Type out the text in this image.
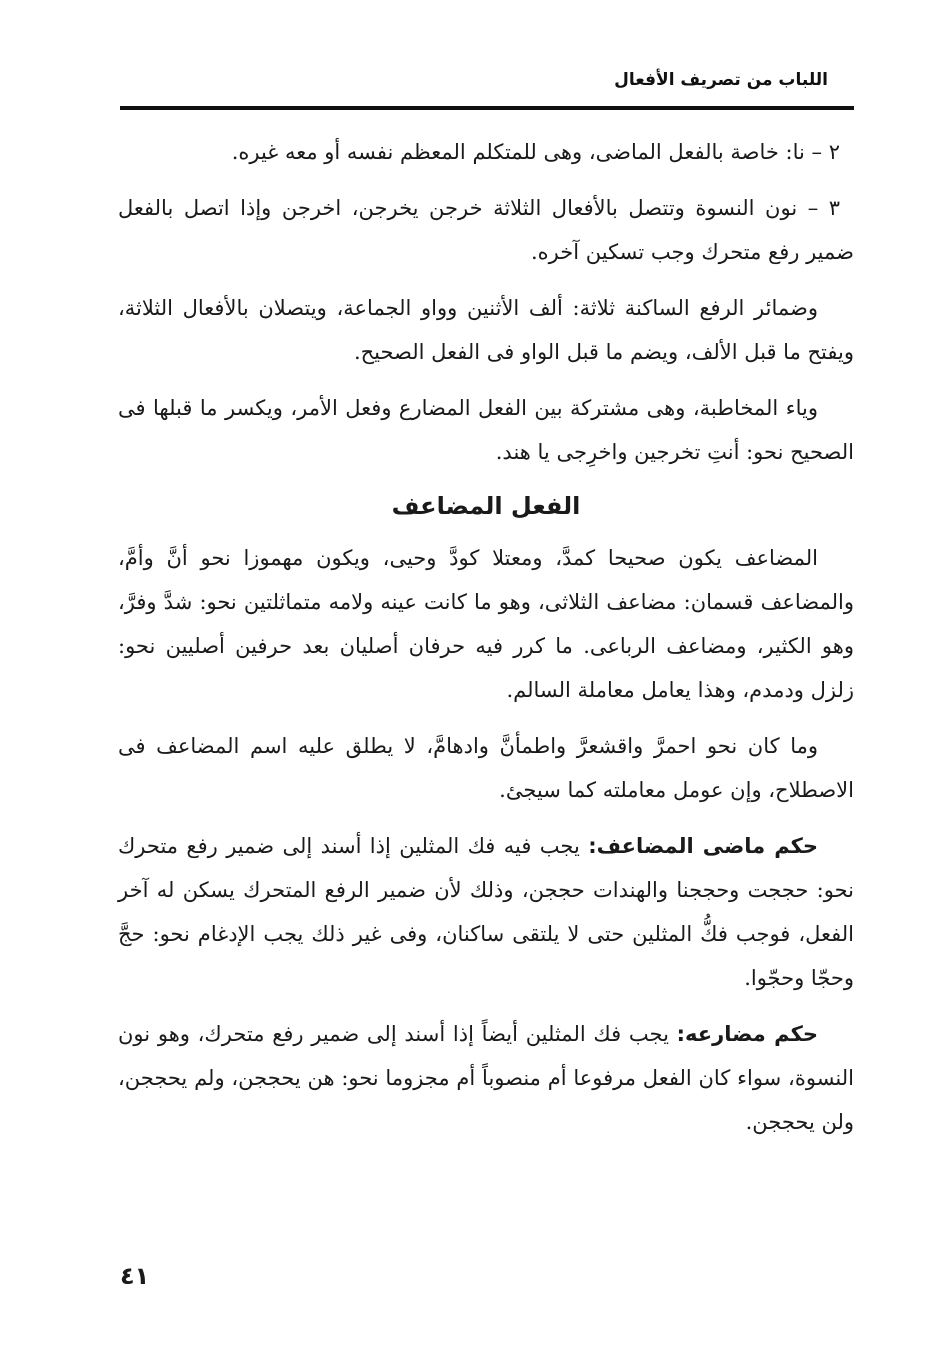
اللباب من تصريف الأفعال

٢ – نا: خاصة بالفعل الماضى، وهى للمتكلم المعظم نفسه أو معه غيره.

٣ – نون النسوة وتتصل بالأفعال الثلاثة خرجن يخرجن، اخرجن وإذا اتصل بالفعل ضمير رفع متحرك وجب تسكين آخره.

وضمائر الرفع الساكنة ثلاثة: ألف الأثنين وواو الجماعة، ويتصلان بالأفعال الثلاثة، ويفتح ما قبل الألف، ويضم ما قبل الواو فى الفعل الصحيح.

وياء المخاطبة، وهى مشتركة بين الفعل المضارع وفعل الأمر، ويكسر ما قبلها فى الصحيح نحو: أنتِ تخرجين واخرِجى يا هند.

الفعل المضاعف

المضاعف يكون صحيحا كمدَّ، ومعتلا كودَّ وحيى، ويكون مهموزا نحو أنَّ وأمَّ، والمضاعف قسمان: مضاعف الثلاثى، وهو ما كانت عينه ولامه متماثلتين نحو: شدَّ وفرَّ، وهو الكثير، ومضاعف الرباعى. ما كرر فيه حرفان أصليان بعد حرفين أصليين نحو: زلزل ودمدم، وهذا يعامل معاملة السالم.

وما كان نحو احمرَّ واقشعرَّ واطمأنَّ وادهامَّ، لا يطلق عليه اسم المضاعف فى الاصطلاح، وإن عومل معاملته كما سيجئ.

حكم ماضى المضاعف: يجب فيه فك المثلين إذا أسند إلى ضمير رفع متحرك نحو: حججت وحججنا والهندات حججن، وذلك لأن ضمير الرفع المتحرك يسكن له آخر الفعل، فوجب فكُّ المثلين حتى لا يلتقى ساكنان، وفى غير ذلك يجب الإدغام نحو: حجَّ وحجّا وحجّوا.

حكم مضارعه: يجب فك المثلين أيضاً إذا أسند إلى ضمير رفع متحرك، وهو نون النسوة، سواء كان الفعل مرفوعا أم منصوباً أم مجزوما نحو: هن يحججن، ولم يحججن، ولن يحججن.

٤١
